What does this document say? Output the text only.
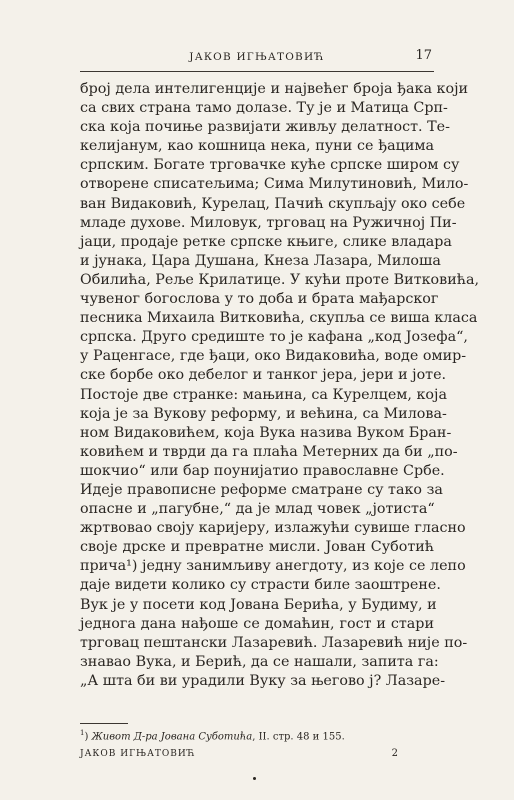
ЈАКОВ ИГЊАТОВИЋ	17
број дела интелигенције и највећег броја ђака који
са свих страна тамо долазе. Ту је и Матица Срп-
ска која почиње развијати живљу делатност. Те-
келијанум, као кошница нека, пуни се ђацима
српским. Богате трговачке куће српске широм су
отворене списатељима; Сима Милутиновић, Мило-
ван Видаковић, Курелац, Пачић скупљају око себе
младе духове. Миловук, трговац на Ружичној Пи-
јаци, продаје ретке српске књиге, слике владара
и јунака, Цара Душана, Кнеза Лазара, Милоша
Обилића, Реље Крилатице. У кући проте Витковића,
чувеног богослова у то доба и брата мађарског
песника Михаила Витковића, скупља се виша класа
српска. Друго средиште то је кафана „код Јозефа“,
у Раценгасе, где ђаци, око Видаковића, воде омир-
ске борбе око дебелог и танког јера, јери и јоте.
Постоје две странке: мањина, са Курелцем, која
која је за Вукову реформу, и већина, са Милова-
ном Видаковићем, која Вука назива Вуком Бран-
ковићем и тврди да га плаћа Метерних да би „по-
шокчио“ или бар поунијатио православне Србе.
Идеје правописне реформе сматране су тако за
опасне и „пагубне,“ да је млад човек „јотиста“
жртвовао своју каријеру, излажући сувише гласно
своје дрске и превратне мисли. Јован Суботић
прича¹) једну занимљиву анегдоту, из које се лепо
даје видети колико су страсти биле заоштрене.
Вук је у посети код Јована Берића, у Будиму, и
једнога дана нађоше се домаћин, гост и стари
трговац пештански Лазаревић. Лазаревић није по-
знавао Вука, и Берић, да се нашали, запита га:
„А шта би ви урадили Вуку за његово ј? Лазаре-
$^1$) Живот Д-ра Јована Суботића, II. стр. 48 и 155.
ЈАКОВ ИГЊАТОВИЋ	2
